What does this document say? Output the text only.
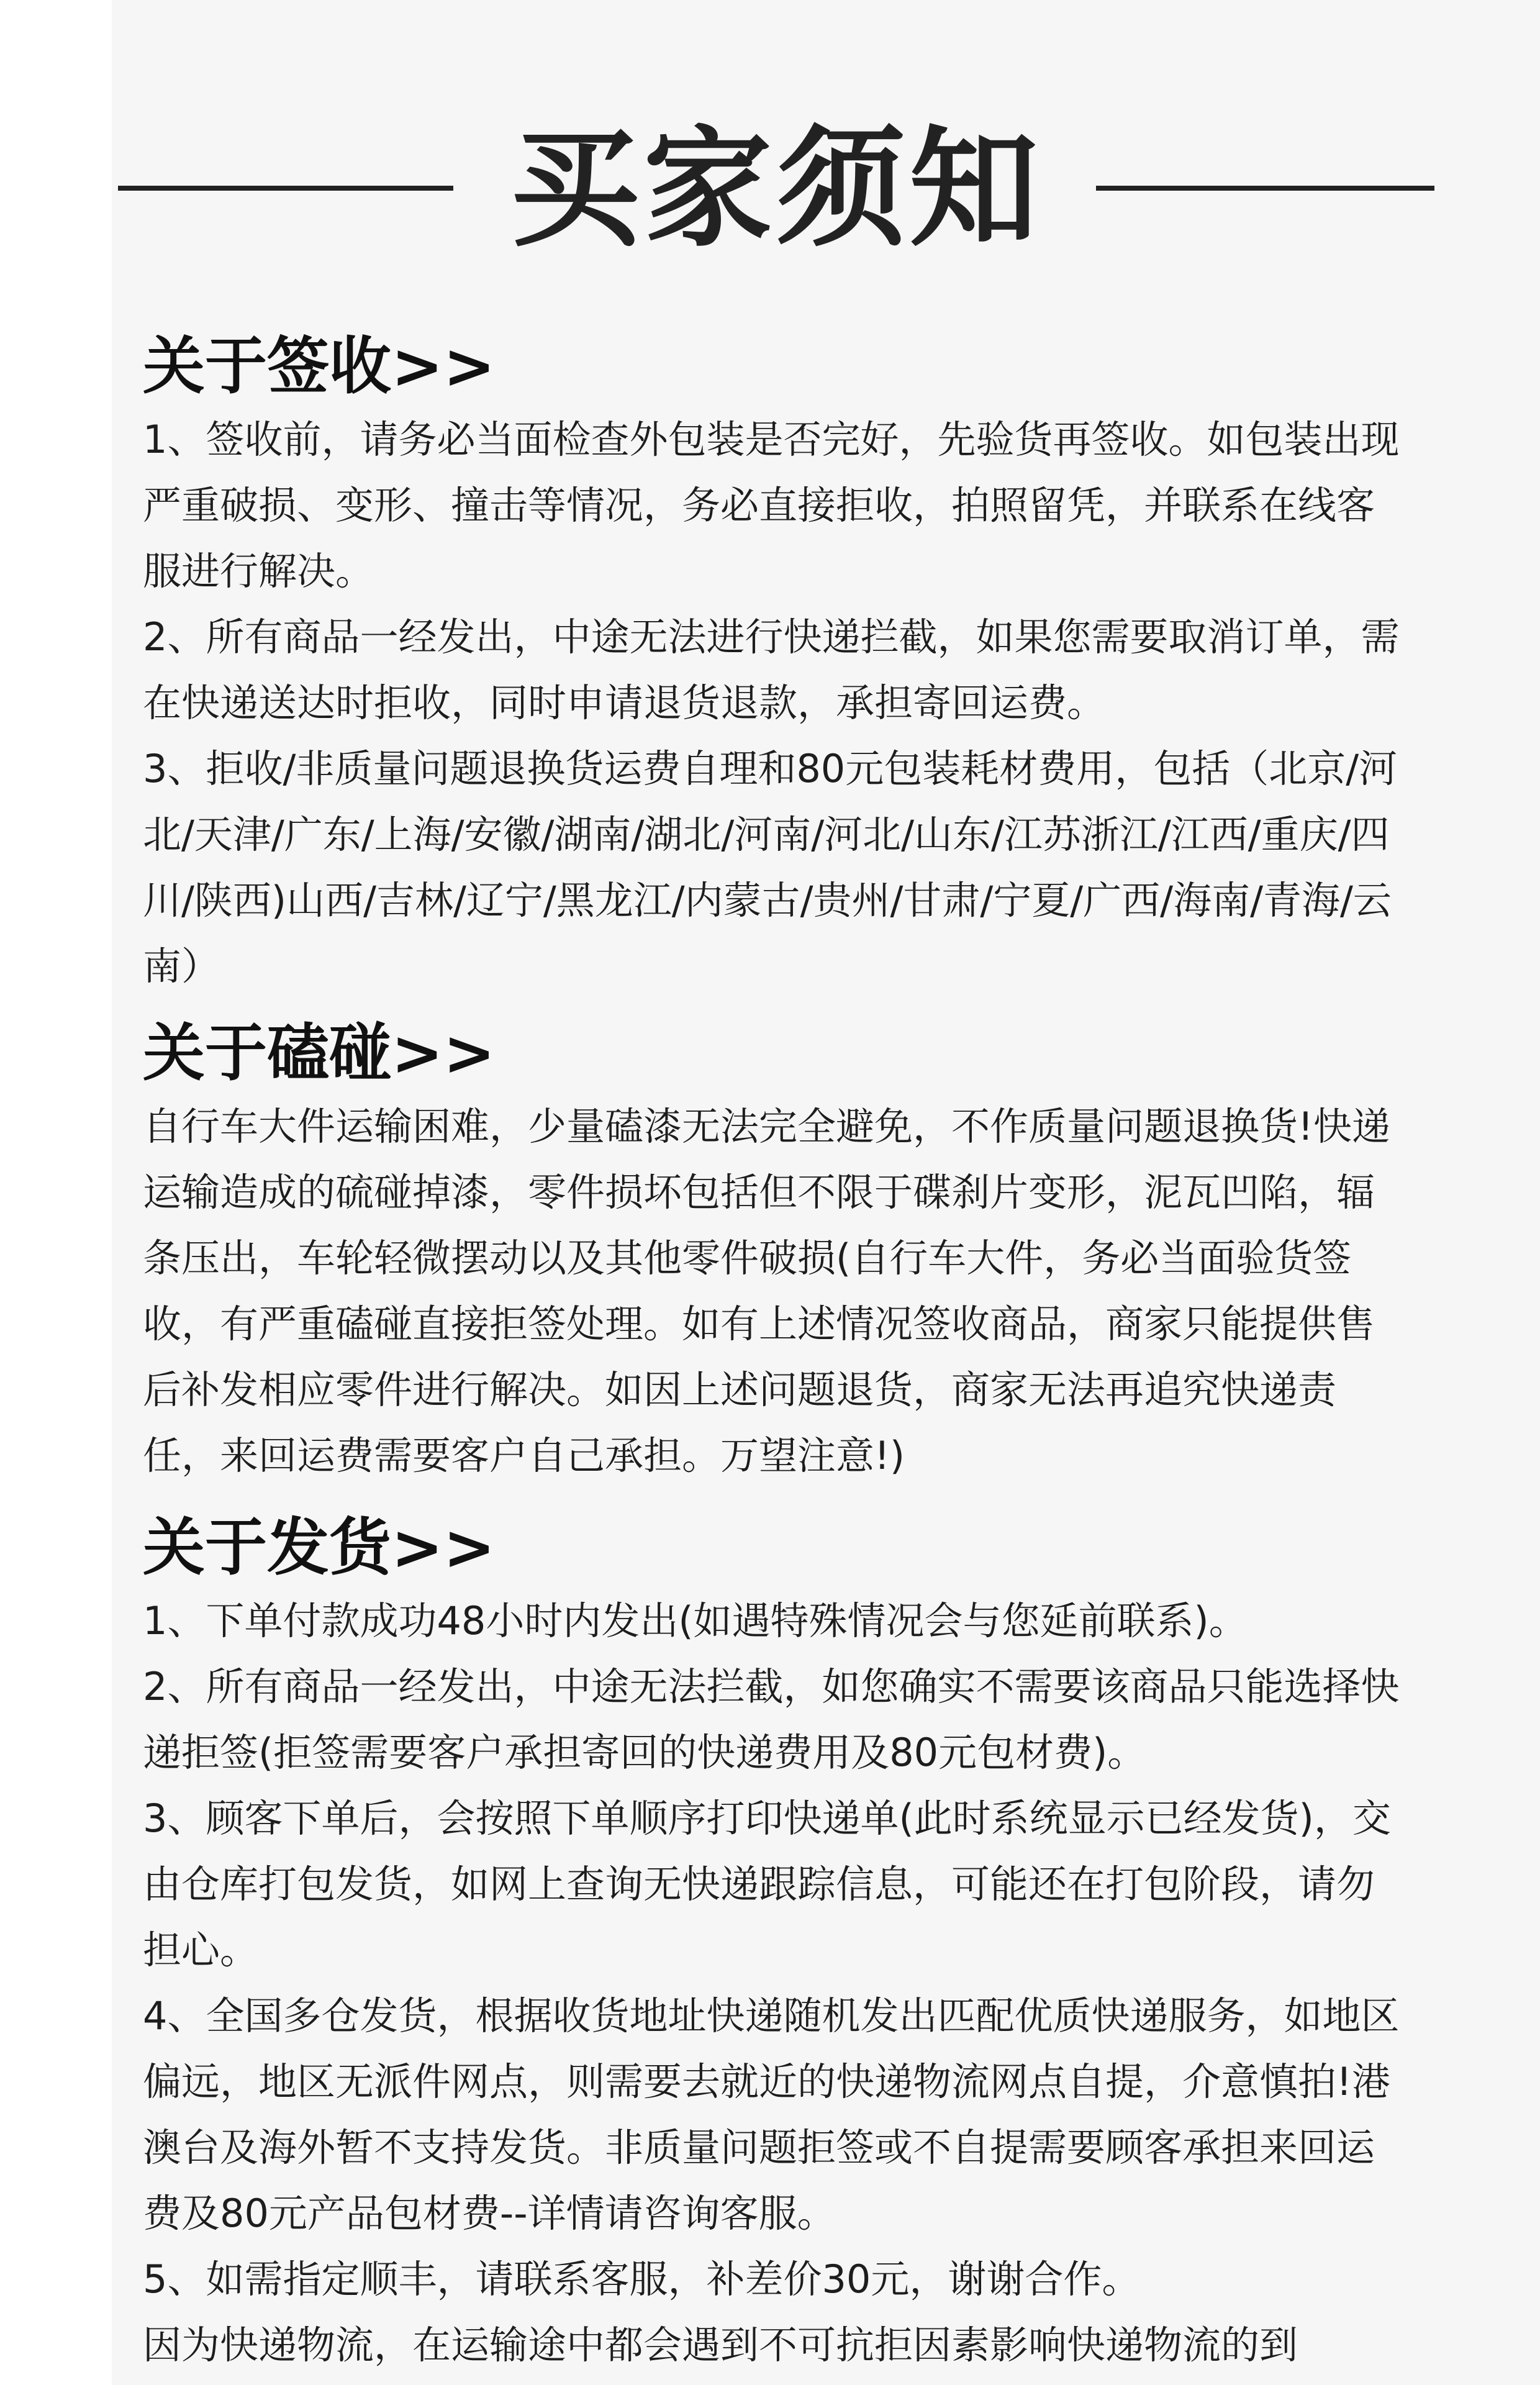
买家须知

关于签收>>

1、签收前，请务必当面检查外包装是否完好，先验货再签收。如包装出现严重破损、变形、撞击等情况，务必直接拒收，拍照留凭，并联系在线客服进行解决。

2、所有商品一经发出，中途无法进行快递拦截，如果您需要取消订单，需在快递送达时拒收，同时申请退货退款，承担寄回运费。

3、拒收/非质量问题退换货运费自理和80元包装耗材费用，包括（北京/河北/天津/广东/上海/安徽/湖南/湖北/河南/河北/山东/江苏浙江/江西/重庆/四川/陕西)山西/吉林/辽宁/黑龙江/内蒙古/贵州/甘肃/宁夏/广西/海南/青海/云南）

关于磕碰>>

自行车大件运输困难，少量磕漆无法完全避免，不作质量问题退换货!快递运输造成的硫碰掉漆，零件损坏包括但不限于碟刹片变形，泥瓦凹陷，辐条压出，车轮轻微摆动以及其他零件破损(自行车大件，务必当面验货签收，有严重磕碰直接拒签处理。如有上述情况签收商品，商家只能提供售后补发相应零件进行解决。如因上述问题退货，商家无法再追究快递责任，来回运费需要客户自己承担。万望注意!)

关于发货>>

1、下单付款成功48小时内发出(如遇特殊情况会与您延前联系)。

2、所有商品一经发出，中途无法拦截，如您确实不需要该商品只能选择快递拒签(拒签需要客户承担寄回的快递费用及80元包材费)。

3、顾客下单后，会按照下单顺序打印快递单(此时系统显示已经发货)，交由仓库打包发货，如网上查询无快递跟踪信息，可能还在打包阶段，请勿担心。

4、全国多仓发货，根据收货地址快递随机发出匹配优质快递服务，如地区偏远，地区无派件网点，则需要去就近的快递物流网点自提，介意慎拍!港澳台及海外暂不支持发货。非质量问题拒签或不自提需要顾客承担来回运费及80元产品包材费--详情请咨询客服。

5、如需指定顺丰，请联系客服，补差价30元，谢谢合作。

因为快递物流，在运输途中都会遇到不可抗拒因素影响快递物流的到
